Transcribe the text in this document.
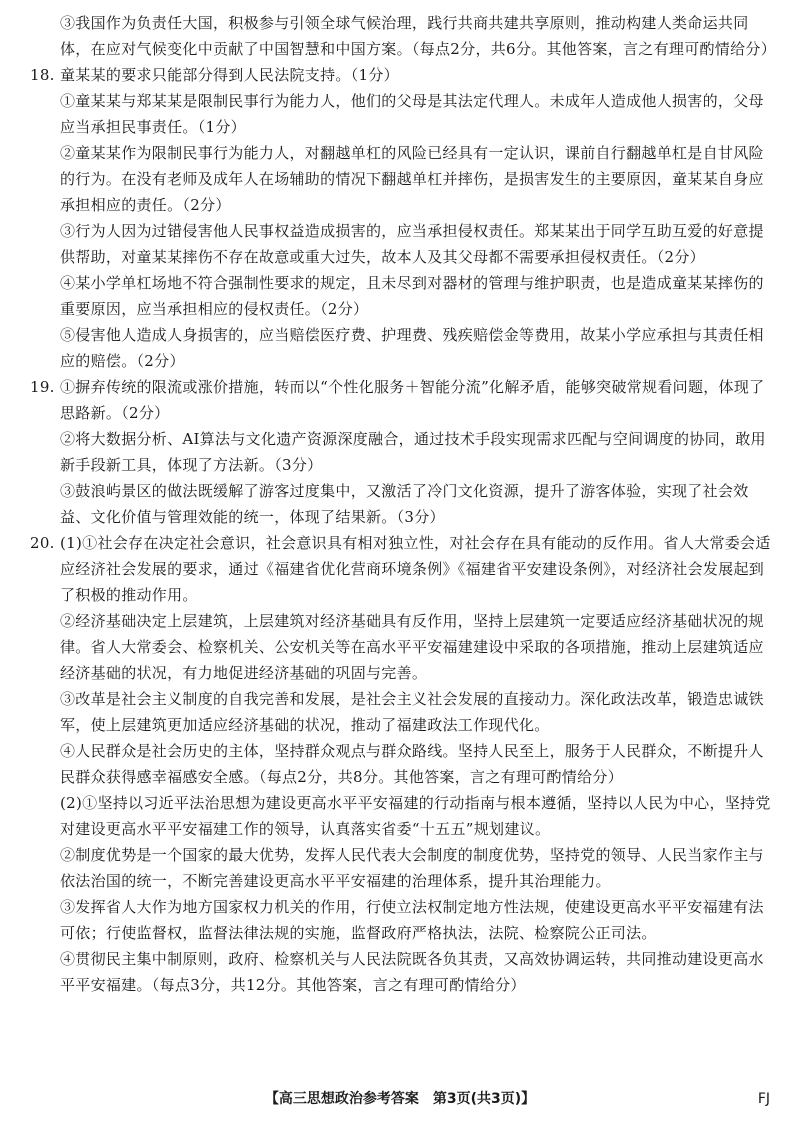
③我国作为负责任大国，积极参与引领全球气候治理，践行共商共建共享原则，推动构建人类命运共同体，在应对气候变化中贡献了中国智慧和中国方案。（每点2分，共6分。其他答案，言之有理可酌情给分）

18. 童某某的要求只能部分得到人民法院支持。（1分）

①童某某与郑某某是限制民事行为能力人，他们的父母是其法定代理人。未成年人造成他人损害的，父母应当承担民事责任。（1分）

②童某某作为限制民事行为能力人，对翻越单杠的风险已经具有一定认识，课前自行翻越单杠是自甘风险的行为。在没有老师及成年人在场辅助的情况下翻越单杠并摔伤，是损害发生的主要原因，童某某自身应承担相应的责任。（2分）

③行为人因为过错侵害他人民事权益造成损害的，应当承担侵权责任。郑某某出于同学互助互爱的好意提供帮助，对童某某摔伤不存在故意或重大过失，故本人及其父母都不需要承担侵权责任。（2分）

④某小学单杠场地不符合强制性要求的规定，且未尽到对器材的管理与维护职责，也是造成童某某摔伤的重要原因，应当承担相应的侵权责任。（2分）

⑤侵害他人造成人身损害的，应当赔偿医疗费、护理费、残疾赔偿金等费用，故某小学应承担与其责任相应的赔偿。（2分）

19. ①摒弃传统的限流或涨价措施，转而以“个性化服务＋智能分流”化解矛盾，能够突破常规看问题，体现了思路新。（2分）

②将大数据分析、AI算法与文化遗产资源深度融合，通过技术手段实现需求匹配与空间调度的协同，敢用新手段新工具，体现了方法新。（3分）

③鼓浪屿景区的做法既缓解了游客过度集中，又激活了冷门文化资源，提升了游客体验，实现了社会效益、文化价值与管理效能的统一，体现了结果新。（3分）

20. (1)①社会存在决定社会意识，社会意识具有相对独立性，对社会存在具有能动的反作用。省人大常委会适应经济社会发展的要求，通过《福建省优化营商环境条例》《福建省平安建设条例》，对经济社会发展起到了积极的推动作用。

②经济基础决定上层建筑，上层建筑对经济基础具有反作用，坚持上层建筑一定要适应经济基础状况的规律。省人大常委会、检察机关、公安机关等在高水平平安福建建设中采取的各项措施，推动上层建筑适应经济基础的状况，有力地促进经济基础的巩固与完善。

③改革是社会主义制度的自我完善和发展，是社会主义社会发展的直接动力。深化政法改革，锻造忠诚铁军，使上层建筑更加适应经济基础的状况，推动了福建政法工作现代化。

④人民群众是社会历史的主体，坚持群众观点与群众路线。坚持人民至上，服务于人民群众，不断提升人民群众获得感幸福感安全感。（每点2分，共8分。其他答案，言之有理可酌情给分）

(2)①坚持以习近平法治思想为建设更高水平平安福建的行动指南与根本遵循，坚持以人民为中心，坚持党对建设更高水平平安福建工作的领导，认真落实省委“十五五”规划建议。

②制度优势是一个国家的最大优势，发挥人民代表大会制度的制度优势，坚持党的领导、人民当家作主与依法治国的统一，不断完善建设更高水平平安福建的治理体系，提升其治理能力。

③发挥省人大作为地方国家权力机关的作用，行使立法权制定地方性法规，使建设更高水平平安福建有法可依；行使监督权，监督法律法规的实施，监督政府严格执法，法院、检察院公正司法。

④贯彻民主集中制原则，政府、检察机关与人民法院既各负其责，又高效协调运转，共同推动建设更高水平平安福建。（每点3分，共12分。其他答案，言之有理可酌情给分）

【高三思想政治参考答案　第3页(共3页)】	FJ
